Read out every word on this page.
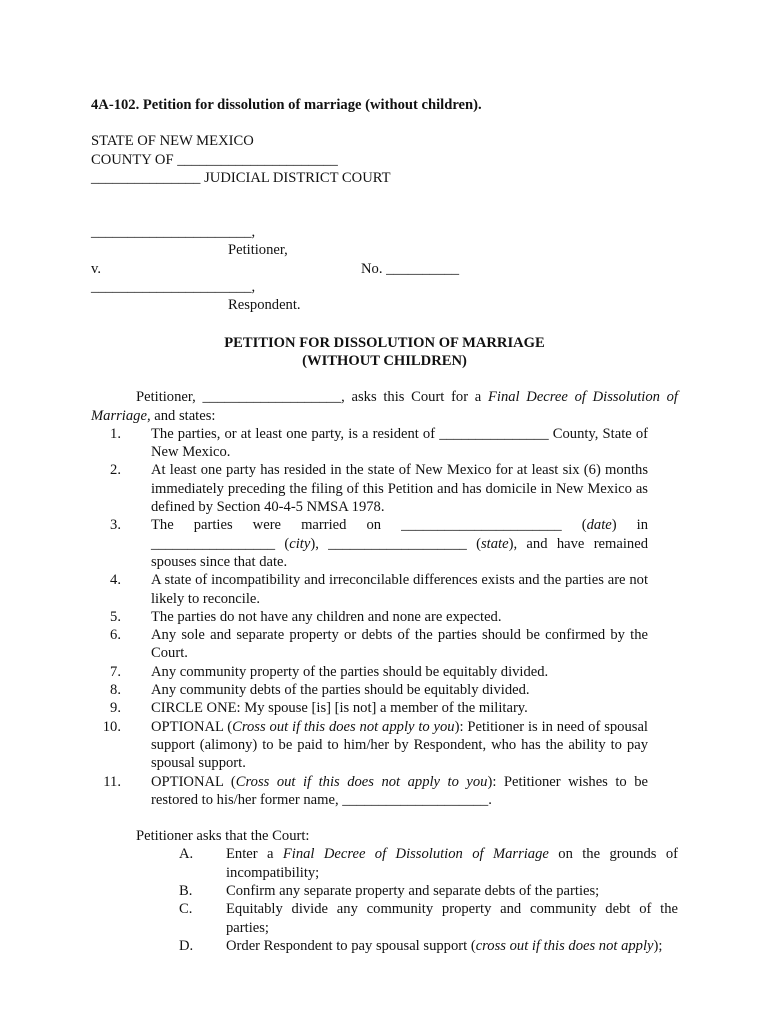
4A-102. Petition for dissolution of marriage (without children).
STATE OF NEW MEXICO
COUNTY OF ______________________
_______________ JUDICIAL DISTRICT COURT
______________________,
Petitioner,
v.	No. __________
______________________,
Respondent.
PETITION FOR DISSOLUTION OF MARRIAGE
(WITHOUT CHILDREN)
Petitioner, ___________________, asks this Court for a Final Decree of Dissolution of Marriage, and states:
1.	The parties, or at least one party, is a resident of _______________ County, State of New Mexico.
2.	At least one party has resided in the state of New Mexico for at least six (6) months immediately preceding the filing of this Petition and has domicile in New Mexico as defined by Section 40-4-5 NMSA 1978.
3.	The parties were married on ______________________ (date) in _________________ (city), ___________________ (state), and have remained spouses since that date.
4.	A state of incompatibility and irreconcilable differences exists and the parties are not likely to reconcile.
5.	The parties do not have any children and none are expected.
6.	Any sole and separate property or debts of the parties should be confirmed by the Court.
7.	Any community property of the parties should be equitably divided.
8.	Any community debts of the parties should be equitably divided.
9.	CIRCLE ONE: My spouse [is] [is not] a member of the military.
10.	OPTIONAL (Cross out if this does not apply to you): Petitioner is in need of spousal support (alimony) to be paid to him/her by Respondent, who has the ability to pay spousal support.
11.	OPTIONAL (Cross out if this does not apply to you): Petitioner wishes to be restored to his/her former name, ____________________.
Petitioner asks that the Court:
A.	Enter a Final Decree of Dissolution of Marriage on the grounds of incompatibility;
B.	Confirm any separate property and separate debts of the parties;
C.	Equitably divide any community property and community debt of the parties;
D.	Order Respondent to pay spousal support (cross out if this does not apply);
